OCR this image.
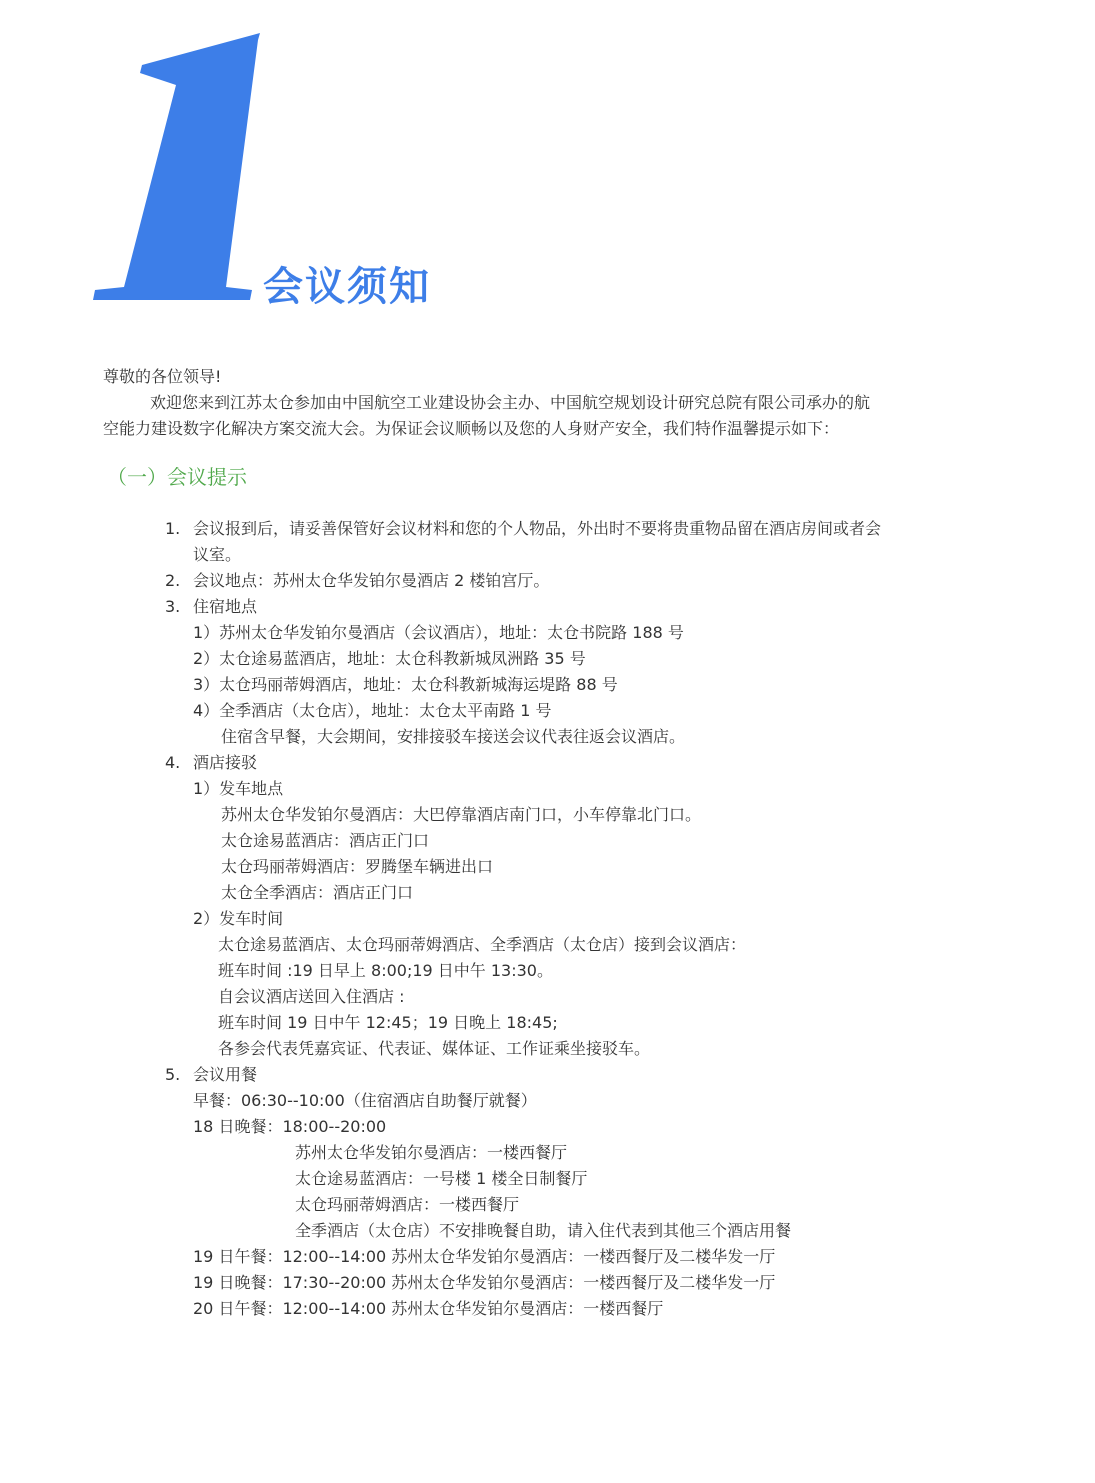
会议须知
尊敬的各位领导!
欢迎您来到江苏太仓参加由中国航空工业建设协会主办、中国航空规划设计研究总院有限公司承办的航
空能力建设数字化解决方案交流大会。为保证会议顺畅以及您的人身财产安全，我们特作温馨提示如下：
（一）会议提示
1. 会议报到后，请妥善保管好会议材料和您的个人物品，外出时不要将贵重物品留在酒店房间或者会
议室。
2. 会议地点：苏州太仓华发铂尔曼酒店 2 楼铂宫厅。
3. 住宿地点
1）苏州太仓华发铂尔曼酒店（会议酒店），地址：太仓书院路 188 号
2）太仓途易蓝酒店，地址：太仓科教新城凤洲路 35 号
3）太仓玛丽蒂姆酒店，地址：太仓科教新城海运堤路 88 号
4）全季酒店（太仓店），地址：太仓太平南路 1 号
住宿含早餐，大会期间，安排接驳车接送会议代表往返会议酒店。
4. 酒店接驳
1）发车地点
苏州太仓华发铂尔曼酒店：大巴停靠酒店南门口，小车停靠北门口。
太仓途易蓝酒店：酒店正门口
太仓玛丽蒂姆酒店：罗腾堡车辆进出口
太仓全季酒店：酒店正门口
2）发车时间
太仓途易蓝酒店、太仓玛丽蒂姆酒店、全季酒店（太仓店）接到会议酒店：
班车时间 :19 日早上 8:00;19 日中午 13:30。
自会议酒店送回入住酒店 :
班车时间 19 日中午 12:45；19 日晚上 18:45;
各参会代表凭嘉宾证、代表证、媒体证、工作证乘坐接驳车。
5. 会议用餐
早餐：06:30--10:00（住宿酒店自助餐厅就餐）
18 日晚餐：18:00--20:00
苏州太仓华发铂尔曼酒店：一楼西餐厅
太仓途易蓝酒店：一号楼 1 楼全日制餐厅
太仓玛丽蒂姆酒店：一楼西餐厅
全季酒店（太仓店）不安排晚餐自助，请入住代表到其他三个酒店用餐
19 日午餐：12:00--14:00 苏州太仓华发铂尔曼酒店：一楼西餐厅及二楼华发一厅
19 日晚餐：17:30--20:00 苏州太仓华发铂尔曼酒店：一楼西餐厅及二楼华发一厅
20 日午餐：12:00--14:00 苏州太仓华发铂尔曼酒店：一楼西餐厅
